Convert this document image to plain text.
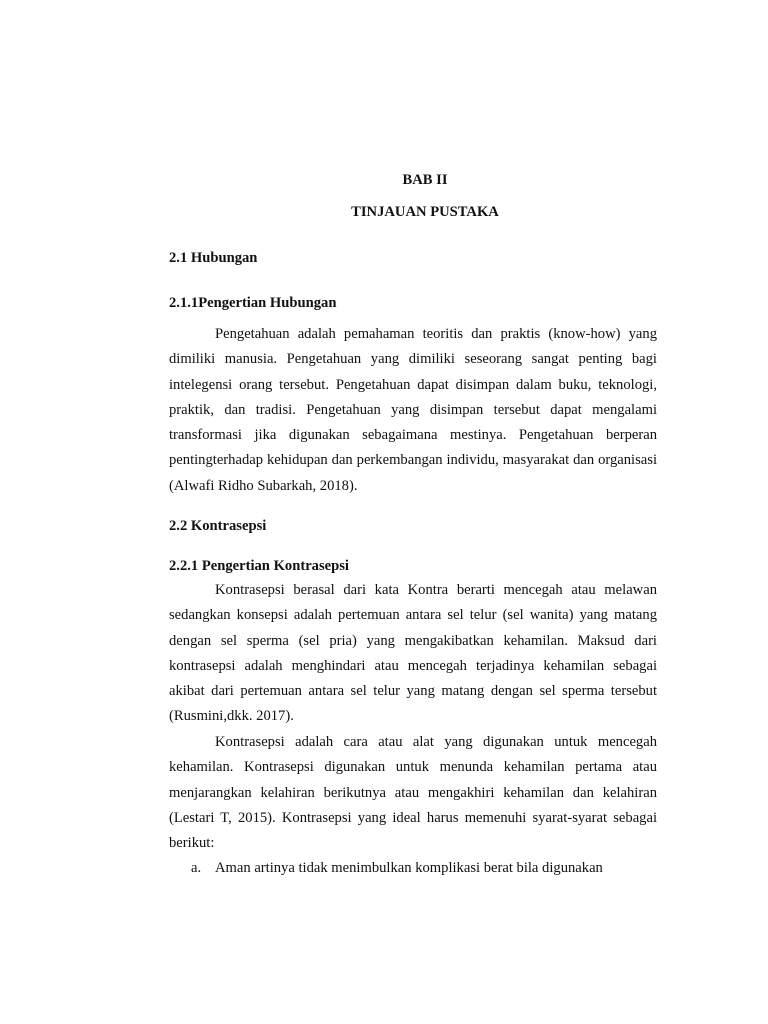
BAB II
TINJAUAN PUSTAKA
2.1 Hubungan
2.1.1Pengertian Hubungan

Pengetahuan adalah pemahaman teoritis dan praktis (know-how) yang dimiliki manusia. Pengetahuan yang dimiliki seseorang sangat penting bagi intelegensi orang tersebut. Pengetahuan dapat disimpan dalam buku, teknologi, praktik, dan tradisi. Pengetahuan yang disimpan tersebut dapat mengalami transformasi jika digunakan sebagaimana mestinya. Pengetahuan berperan pentingterhadap kehidupan dan perkembangan individu, masyarakat dan organisasi (Alwafi Ridho Subarkah, 2018).

2.2 Kontrasepsi
2.2.1 Pengertian Kontrasepsi

Kontrasepsi berasal dari kata Kontra berarti mencegah atau melawan sedangkan konsepsi adalah pertemuan antara sel telur (sel wanita) yang matang dengan sel sperma (sel pria) yang mengakibatkan kehamilan. Maksud dari kontrasepsi adalah menghindari atau mencegah terjadinya kehamilan sebagai akibat dari pertemuan antara sel telur yang matang dengan sel sperma tersebut (Rusmini,dkk. 2017).

Kontrasepsi adalah cara atau alat yang digunakan untuk mencegah kehamilan. Kontrasepsi digunakan untuk menunda kehamilan pertama atau menjarangkan kelahiran berikutnya atau mengakhiri kehamilan dan kelahiran (Lestari T, 2015). Kontrasepsi yang ideal harus memenuhi syarat-syarat sebagai berikut:

a. Aman artinya tidak menimbulkan komplikasi berat bila digunakan
